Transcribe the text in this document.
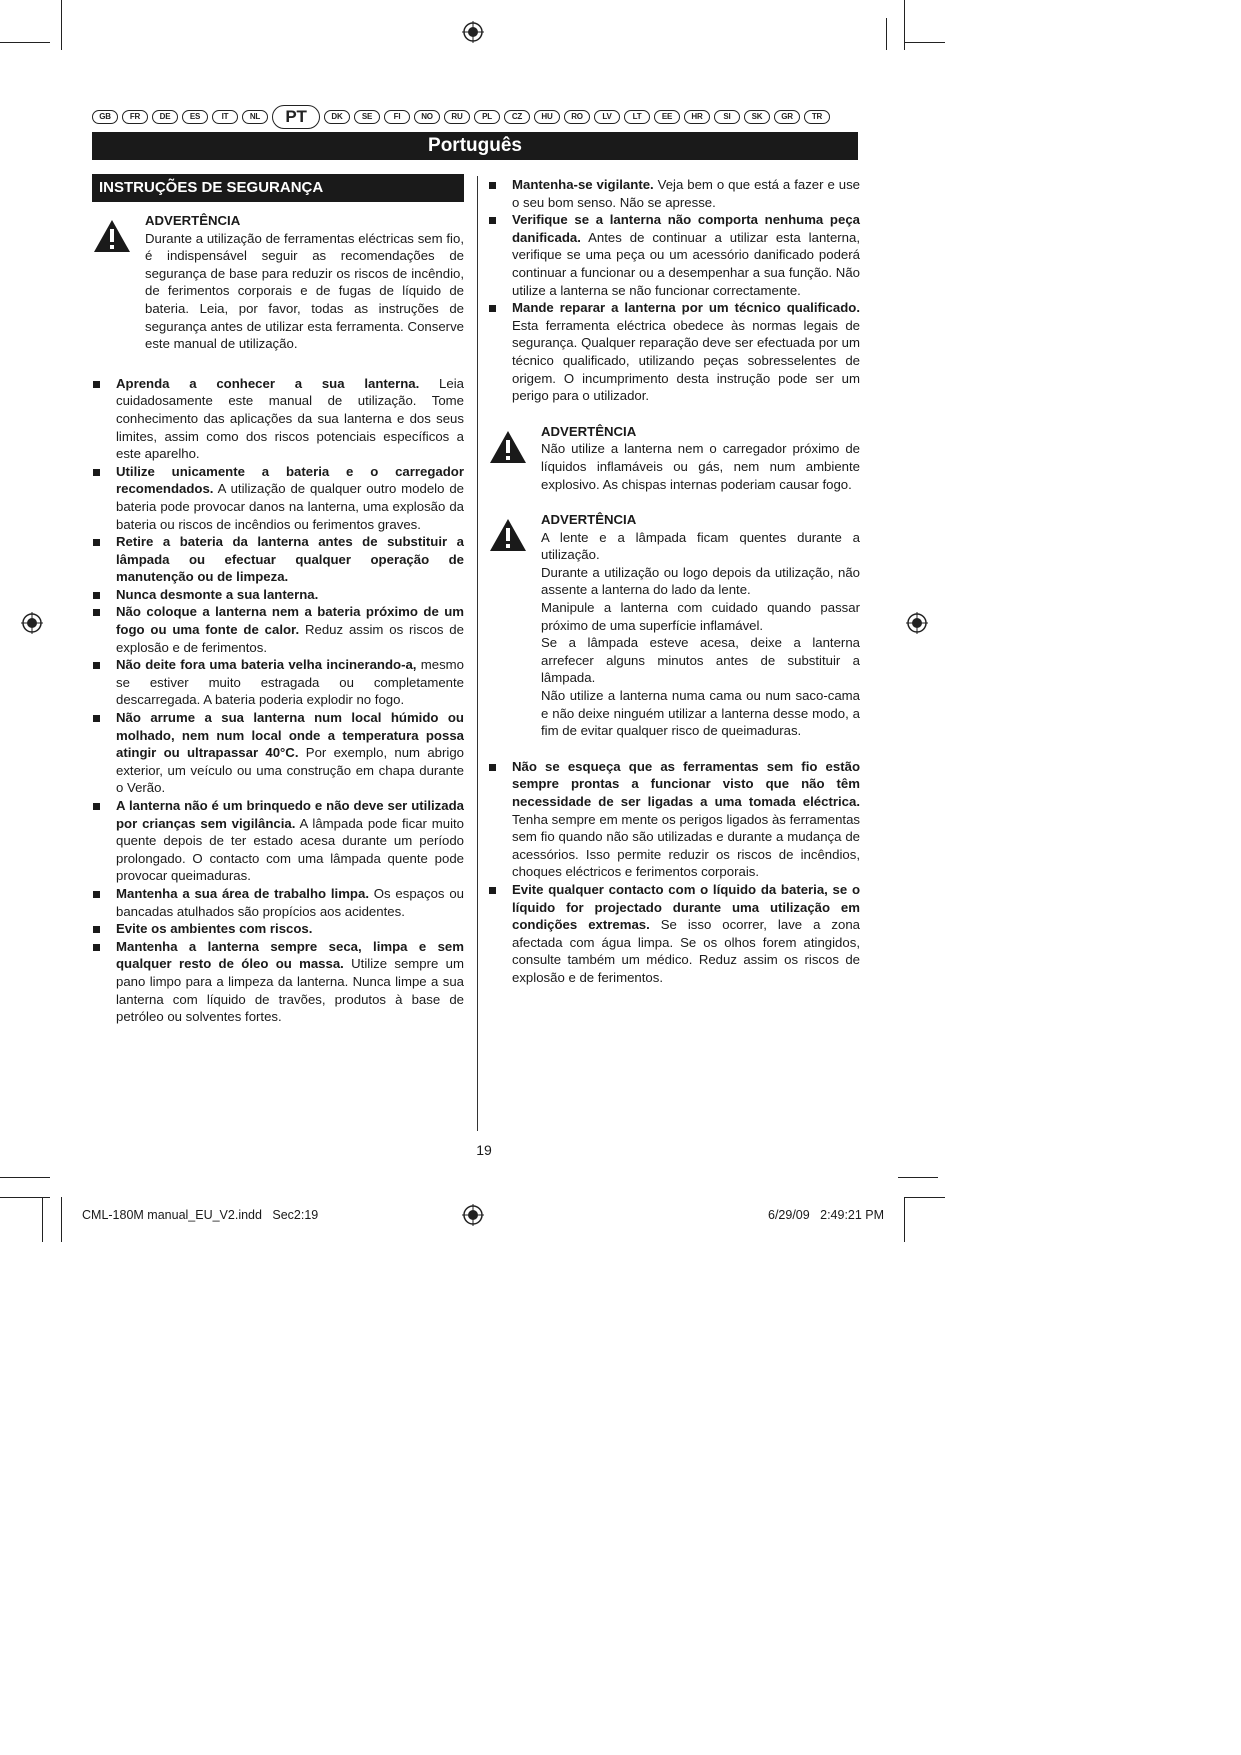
GB	FR	DE	ES	IT	NL	PT	DK	SE	FI	NO	RU	PL	CZ	HU	RO	LV	LT	EE	HR	SI	SK	GR	TR
Português
INSTRUÇÕES DE SEGURANÇA

ADVERTÊNCIA

Durante a utilização de ferramentas eléctricas sem fio, é indispensável seguir as recomendações de segurança de base para reduzir os riscos de incêndio, de ferimentos corporais e de fugas de líquido de bateria. Leia, por favor, todas as instruções de segurança antes de utilizar esta ferramenta. Conserve este manual de utilização.

Aprenda a conhecer a sua lanterna. Leia cuidadosamente este manual de utilização. Tome conhecimento das aplicações da sua lanterna e dos seus limites, assim como dos riscos potenciais específicos a este aparelho.

Utilize unicamente a bateria e o carregador recomendados. A utilização de qualquer outro modelo de bateria pode provocar danos na lanterna, uma explosão da bateria ou riscos de incêndios ou ferimentos graves.

Retire a bateria da lanterna antes de substituir a lâmpada ou efectuar qualquer operação de manutenção ou de limpeza.

Nunca desmonte a sua lanterna.

Não coloque a lanterna nem a bateria próximo de um fogo ou uma fonte de calor. Reduz assim os riscos de explosão e de ferimentos.

Não deite fora uma bateria velha incinerando-a, mesmo se estiver muito estragada ou completamente descarregada. A bateria poderia explodir no fogo.

Não arrume a sua lanterna num local húmido ou molhado, nem num local onde a temperatura possa atingir ou ultrapassar 40°C. Por exemplo, num abrigo exterior, um veículo ou uma construção em chapa durante o Verão.

A lanterna não é um brinquedo e não deve ser utilizada por crianças sem vigilância. A lâmpada pode ficar muito quente depois de ter estado acesa durante um período prolongado. O contacto com uma lâmpada quente pode provocar queimaduras.

Mantenha a sua área de trabalho limpa. Os espaços ou bancadas atulhados são propícios aos acidentes.

Evite os ambientes com riscos.

Mantenha a lanterna sempre seca, limpa e sem qualquer resto de óleo ou massa. Utilize sempre um pano limpo para a limpeza da lanterna. Nunca limpe a sua lanterna com líquido de travões, produtos à base de petróleo ou solventes fortes.

Mantenha-se vigilante. Veja bem o que está a fazer e use o seu bom senso. Não se apresse.

Verifique se a lanterna não comporta nenhuma peça danificada. Antes de continuar a utilizar esta lanterna, verifique se uma peça ou um acessório danificado poderá continuar a funcionar ou a desempenhar a sua função. Não utilize a lanterna se não funcionar correctamente.

Mande reparar a lanterna por um técnico qualificado. Esta ferramenta eléctrica obedece às normas legais de segurança. Qualquer reparação deve ser efectuada por um técnico qualificado, utilizando peças sobresselentes de origem. O incumprimento desta instrução pode ser um perigo para o utilizador.

ADVERTÊNCIA

Não utilize a lanterna nem o carregador próximo de líquidos inflamáveis ou gás, nem num ambiente explosivo. As chispas internas poderiam causar fogo.

ADVERTÊNCIA

A lente e a lâmpada ficam quentes durante a utilização.

Durante a utilização ou logo depois da utilização, não assente a lanterna do lado da lente.

Manipule a lanterna com cuidado quando passar próximo de uma superfície inflamável.

Se a lâmpada esteve acesa, deixe a lanterna arrefecer alguns minutos antes de substituir a lâmpada.

Não utilize a lanterna numa cama ou num saco-cama e não deixe ninguém utilizar a lanterna desse modo, a fim de evitar qualquer risco de queimaduras.

Não se esqueça que as ferramentas sem fio estão sempre prontas a funcionar visto que não têm necessidade de ser ligadas a uma tomada eléctrica. Tenha sempre em mente os perigos ligados às ferramentas sem fio quando não são utilizadas e durante a mudança de acessórios. Isso permite reduzir os riscos de incêndios, choques eléctricos e ferimentos corporais.

Evite qualquer contacto com o líquido da bateria, se o líquido for projectado durante uma utilização em condições extremas. Se isso ocorrer, lave a zona afectada com água limpa. Se os olhos forem atingidos, consulte também um médico. Reduz assim os riscos de explosão e de ferimentos.

19
CML-180M manual_EU_V2.indd   Sec2:19	6/29/09   2:49:21 PM
